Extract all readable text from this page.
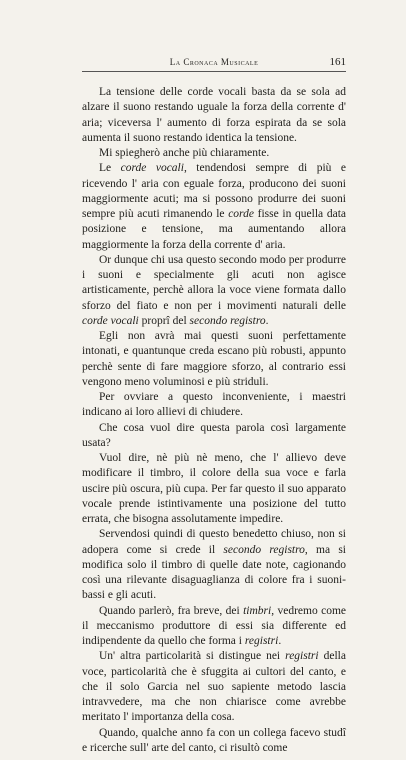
La Cronaca Musicale	161

La tensione delle corde vocali basta da se sola ad alzare il suono restando uguale la forza della corrente d' aria; viceversa l' aumento di forza espirata da se sola aumenta il suono restando identica la tensione.

Mi spiegherò anche più chiaramente.

Le corde vocali, tendendosi sempre di più e ricevendo l' aria con eguale forza, producono dei suoni maggiormente acuti; ma si possono produrre dei suoni sempre più acuti rimanendo le corde fisse in quella data posizione e tensione, ma aumentando allora maggiormente la forza della corrente d' aria.

Or dunque chi usa questo secondo modo per produrre i suoni e specialmente gli acuti non agisce artisticamente, perchè allora la voce viene formata dallo sforzo del fiato e non per i movimenti naturali delle corde vocali proprî del secondo registro.

Egli non avrà mai questi suoni perfettamente intonati, e quantunque creda escano più robusti, appunto perchè sente di fare maggiore sforzo, al contrario essi vengono meno voluminosi e più striduli.

Per ovviare a questo inconveniente, i maestri indicano ai loro allievi di chiudere.

Che cosa vuol dire questa parola così largamente usata?

Vuol dire, nè più nè meno, che l' allievo deve modificare il timbro, il colore della sua voce e farla uscire più oscura, più cupa. Per far questo il suo apparato vocale prende istintivamente una posizione del tutto errata, che bisogna assolutamente impedire.

Servendosi quindi di questo benedetto chiuso, non si adopera come si crede il secondo registro, ma si modifica solo il timbro di quelle date note, cagionando così una rilevante disaguaglianza di colore fra i suoni-bassi e gli acuti.

Quando parlerò, fra breve, dei timbri, vedremo come il meccanismo produttore di essi sia differente ed indipendente da quello che forma i registri.

Un' altra particolarità si distingue nei registri della voce, particolarità che è sfuggita ai cultori del canto, e che il solo Garcia nel suo sapiente metodo lascia intravvedere, ma che non chiarisce come avrebbe meritato l' importanza della cosa.

Quando, qualche anno fa con un collega facevo studî e ricerche sull' arte del canto, ci risultò come
